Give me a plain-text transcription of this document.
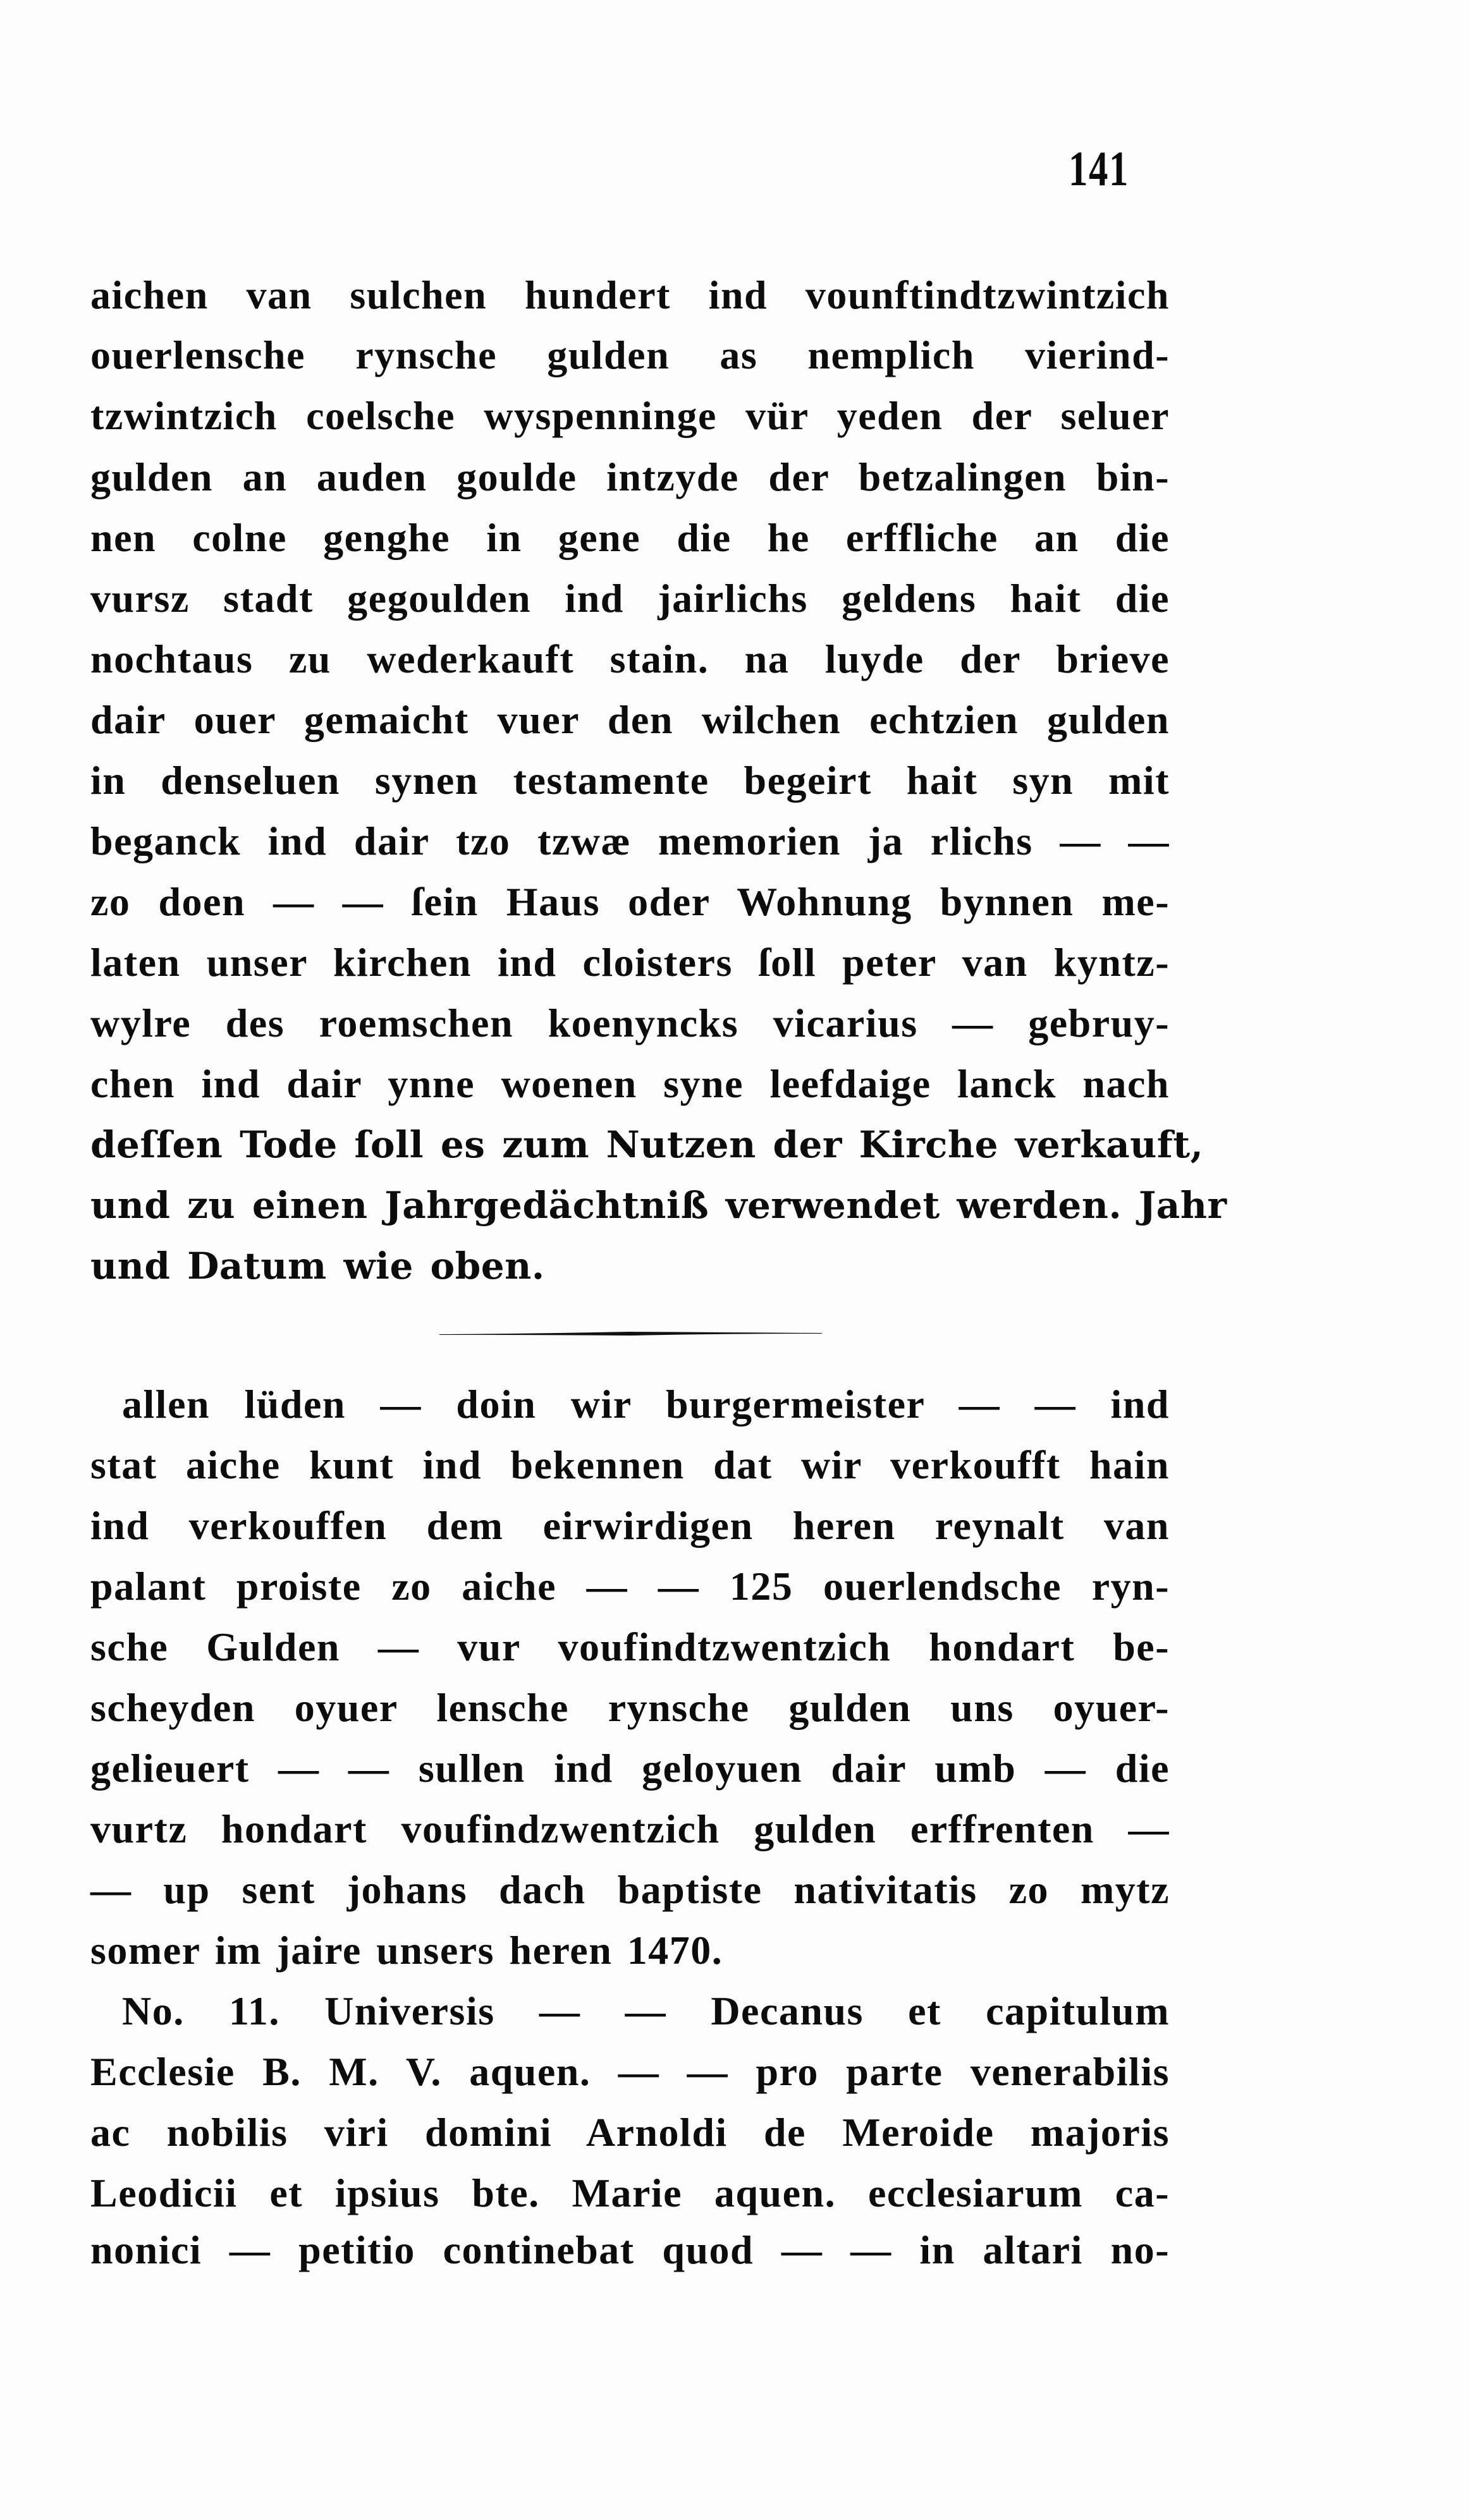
141
aichen van sulchen hundert ind vounftindtzwintzich
ouerlensche rynsche gulden as nemplich vierind-
tzwintzich coelsche wyspenninge vür yeden der seluer
gulden an auden goulde intzyde der betzalingen bin-
nen colne genghe in gene die he erffliche an die
vursz stadt gegoulden ind jairlichs geldens hait die
nochtaus zu wederkauft stain. na luyde der brieve
dair ouer gemaicht vuer den wilchen echtzien gulden
in denseluen synen testamente begeirt hait syn mit
beganck ind dair tzo tzwæ memorien ja rlichs — —
zo doen — — ſein Haus oder Wohnung bynnen me-
laten unser kirchen ind cloisters ſoll peter van kyntz-
wylre des roemschen koenyncks vicarius — gebruy-
chen ind dair ynne woenen syne leefdaige lanck nach
deſſen Tode ſoll es zum Nutzen der Kirche verkauft,
und zu einen Jahrgedächtniß verwendet werden. Jahr
und Datum wie oben.
allen lüden — doin wir burgermeister — — ind
stat aiche kunt ind bekennen dat wir verkoufft hain
ind verkouffen dem eirwirdigen heren reynalt van
palant proiste zo aiche — — 125 ouerlendsche ryn-
sche Gulden — vur voufindtzwentzich hondart be-
scheyden oyuer lensche rynsche gulden uns oyuer-
gelieuert — — sullen ind geloyuen dair umb — die
vurtz hondart voufindzwentzich gulden erffrenten —
— up sent johans dach baptiste nativitatis zo mytz
somer im jaire unsers heren 1470.
No. 11. Universis — — Decanus et capitulum
Ecclesie B. M. V. aquen. — — pro parte venerabilis
ac nobilis viri domini Arnoldi de Meroide majoris
Leodicii et ipsius bte. Marie aquen. ecclesiarum ca-
nonici — petitio continebat quod — — in altari no-
